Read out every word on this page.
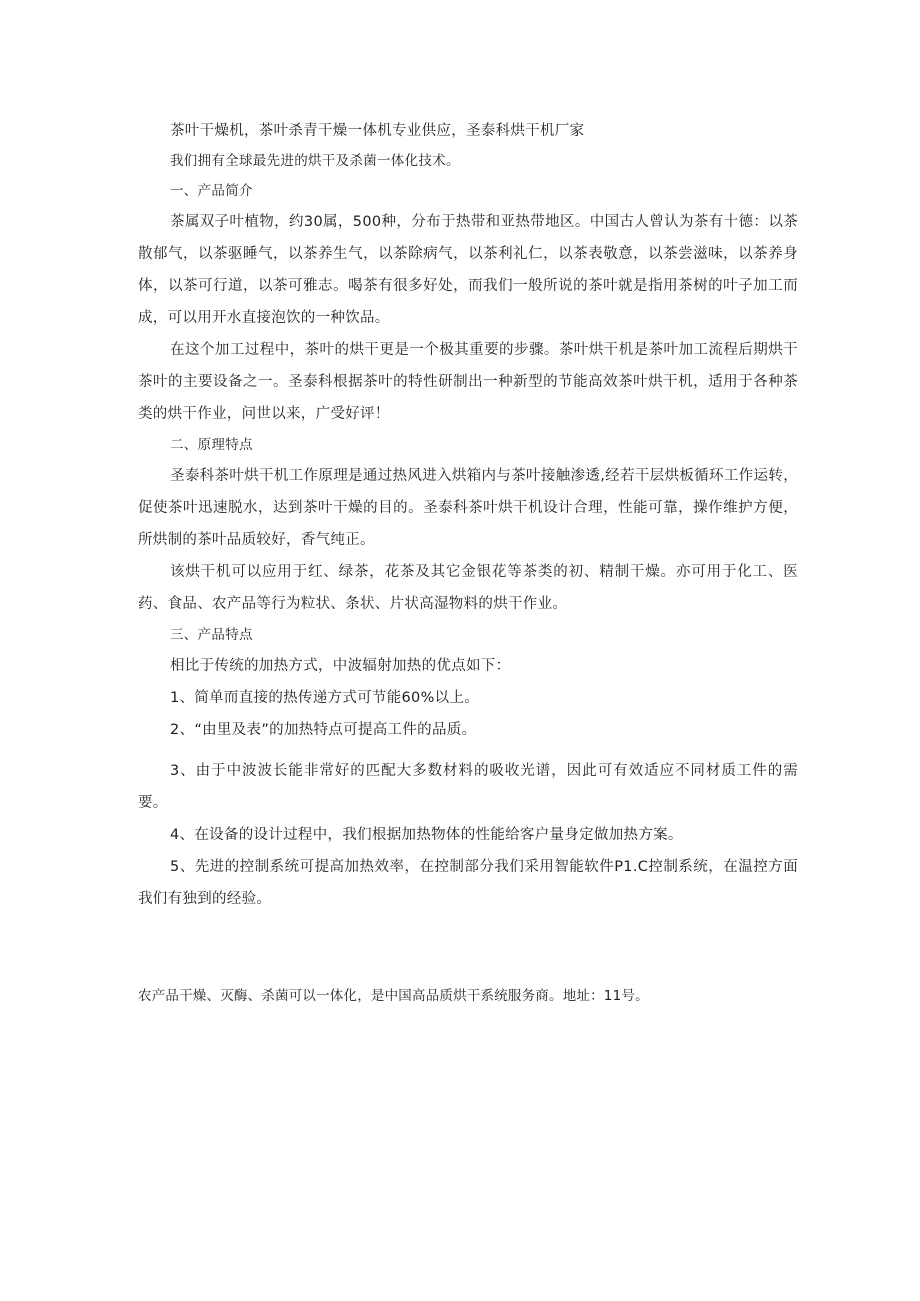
茶叶干燥机，茶叶杀青干燥一体机专业供应，圣泰科烘干机厂家

我们拥有全球最先进的烘干及杀菌一体化技术。

一、产品简介

茶属双子叶植物，约30属，500种，分布于热带和亚热带地区。中国古人曾认为茶有十德：以茶散郁气，以茶驱睡气，以茶养生气，以茶除病气，以茶利礼仁，以茶表敬意，以茶尝滋味，以茶养身体，以茶可行道，以茶可雅志。喝茶有很多好处，而我们一般所说的茶叶就是指用茶树的叶子加工而成，可以用开水直接泡饮的一种饮品。

在这个加工过程中，茶叶的烘干更是一个极其重要的步骤。茶叶烘干机是茶叶加工流程后期烘干茶叶的主要设备之一。圣泰科根据茶叶的特性研制出一种新型的节能高效茶叶烘干机，适用于各种茶类的烘干作业，问世以来，广受好评！

二、原理特点

圣泰科茶叶烘干机工作原理是通过热风进入烘箱内与茶叶接触渗透,经若干层烘板循环工作运转，促使茶叶迅速脱水，达到茶叶干燥的目的。圣泰科茶叶烘干机设计合理，性能可靠，操作维护方便，所烘制的茶叶品质较好，香气纯正。

该烘干机可以应用于红、绿茶，花茶及其它金银花等茶类的初、精制干燥。亦可用于化工、医药、食品、农产品等行为粒状、条状、片状高湿物料的烘干作业。

三、产品特点

相比于传统的加热方式，中波辐射加热的优点如下：

1、简单而直接的热传递方式可节能60%以上。

2、“由里及表”的加热特点可提高工件的品质。

3、由于中波波长能非常好的匹配大多数材料的吸收光谱，因此可有效适应不同材质工件的需要。

4、在设备的设计过程中，我们根据加热物体的性能给客户量身定做加热方案。

5、先进的控制系统可提高加热效率，在控制部分我们采用智能软件P1.C控制系统，在温控方面我们有独到的经验。

农产品干燥、灭酶、杀菌可以一体化，是中国高品质烘干系统服务商。地址：11号。
